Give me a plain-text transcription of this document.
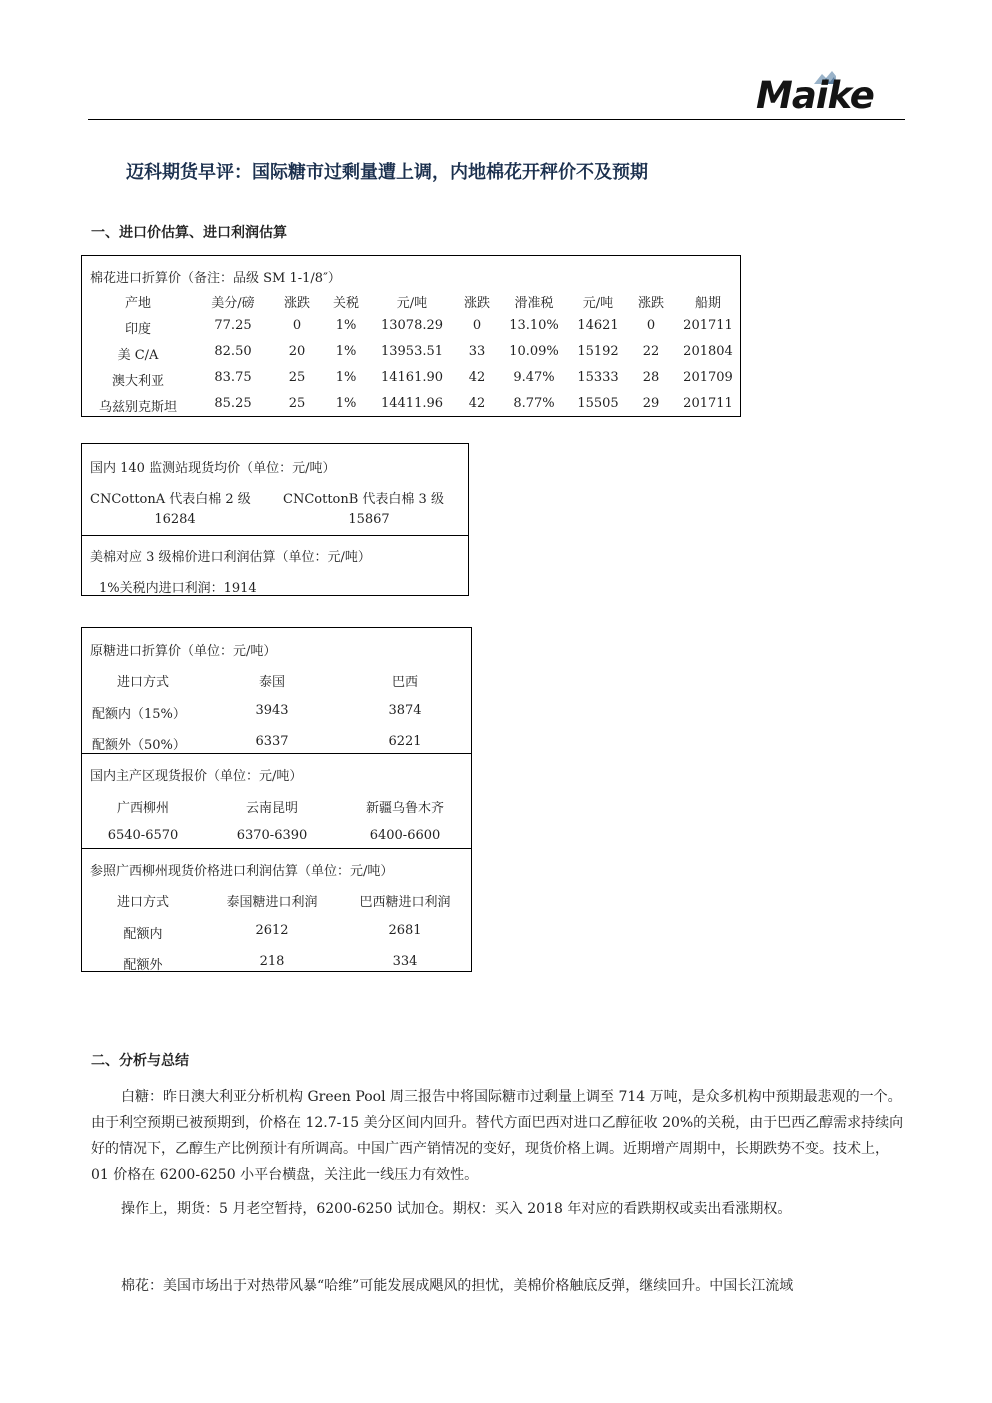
Maike
迈科期货早评：国际糖市过剩量遭上调，内地棉花开秤价不及预期
一、进口价估算、进口利润估算
棉花进口折算价（备注：品级 SM 1-1/8″）
产地	美分/磅 涨跌 关税	元/吨	涨跌 滑准税 元/吨 涨跌 船期
印度	77.25	0	1% 13078.29 0 13.10% 14621 0 201711
美 C/A	82.50	20 1% 13953.51 33 10.09% 15192 22 201804
澳大利亚	83.75	25 1% 14161.90 42 9.47% 15333 28 201709
乌兹别克斯坦	85.25	25 1% 14411.96 42 8.77% 15505 29 201711
国内 140 监测站现货均价（单位：元/吨）
CNCottonA 代表白棉 2 级 CNCottonB 代表白棉 3 级
16284	15867
美棉对应 3 级棉价进口利润估算（单位：元/吨）
1%关税内进口利润：1914
原糖进口折算价（单位：元/吨）
进口方式	泰国	巴西
配额内（15%）	3943	3874
配额外（50%）	6337	6221
国内主产区现货报价（单位：元/吨）
广西柳州	云南昆明	新疆乌鲁木齐
6540-6570	6370-6390	6400-6600
参照广西柳州现货价格进口利润估算（单位：元/吨）
进口方式	泰国糖进口利润	巴西糖进口利润
配额内	2612	2681
配额外	218	334
二、分析与总结
白糖：昨日澳大利亚分析机构 Green Pool 周三报告中将国际糖市过剩量上调至 714 万吨，是众多机构中预期最悲观的一个。由于利空预期已被预期到，价格在 12.7-15 美分区间内回升。替代方面巴西对进口乙醇征收 20%的关税，由于巴西乙醇需求持续向好的情况下，乙醇生产比例预计有所调高。中国广西产销情况的变好，现货价格上调。近期增产周期中，长期跌势不变。技术上，01 价格在 6200-6250 小平台横盘，关注此一线压力有效性。
操作上，期货：5 月老空暂持，6200-6250 试加仓。期权：买入 2018 年对应的看跌期权或卖出看涨期权。
棉花：美国市场出于对热带风暴“哈维”可能发展成飓风的担忧，美棉价格触底反弹，继续回升。中国长江流域
